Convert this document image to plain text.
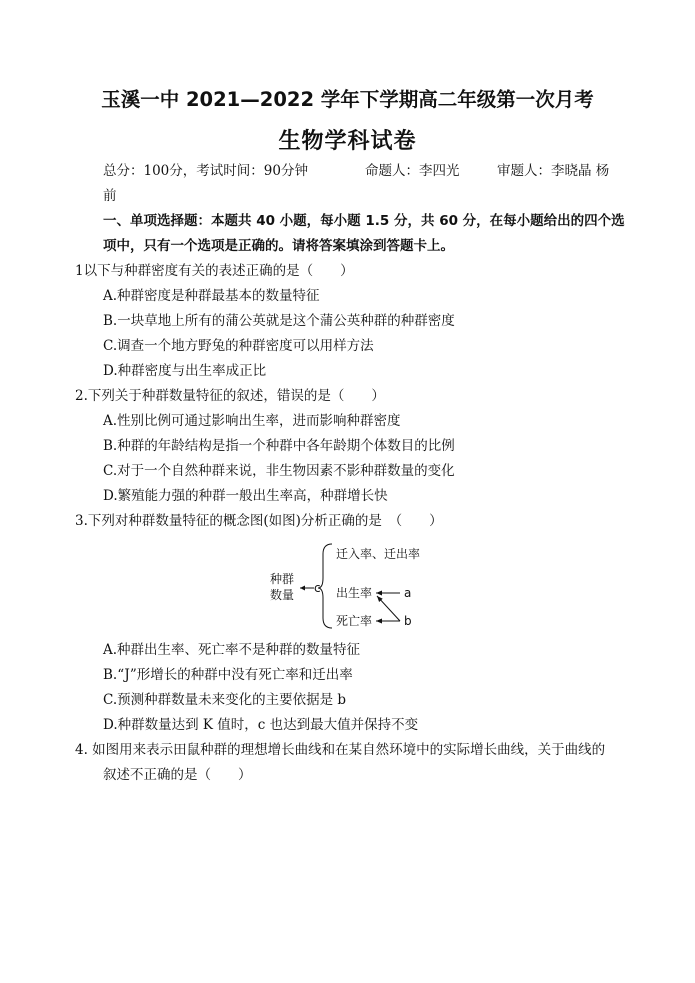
玉溪一中 2021—2022 学年下学期高二年级第一次月考
生物学科试卷
总分：100分，考试时间：90分钟	命题人：李四光	审题人：李晓晶 杨
前
一、单项选择题：本题共 40 小题，每小题 1.5 分，共 60 分，在每小题给出的四个选
项中，只有一个选项是正确的。请将答案填涂到答题卡上。
1以下与种群密度有关的表述正确的是（　　）
A.种群密度是种群最基本的数量特征
B.一块草地上所有的蒲公英就是这个蒲公英种群的种群密度
C.调查一个地方野兔的种群密度可以用样方法
D.种群密度与出生率成正比
2.下列关于种群数量特征的叙述，错误的是（　　）
A.性别比例可通过影响出生率，进而影响种群密度
B.种群的年龄结构是指一个种群中各年龄期个体数目的比例
C.对于一个自然种群来说，非生物因素不影种群数量的变化
D.繁殖能力强的种群一般出生率高，种群增长快
3.下列对种群数量特征的概念图(如图)分析正确的是　（　　）
种群
数量 c
迁入率、迁出率
出生率
死亡率
a
b
A.种群出生率、死亡率不是种群的数量特征
B.“J”形增长的种群中没有死亡率和迁出率
C.预测种群数量未来变化的主要依据是 b
D.种群数量达到 K 值时，c 也达到最大值并保持不变
4. 如图用来表示田鼠种群的理想增长曲线和在某自然环境中的实际增长曲线，关于曲线的
叙述不正确的是（　　）
